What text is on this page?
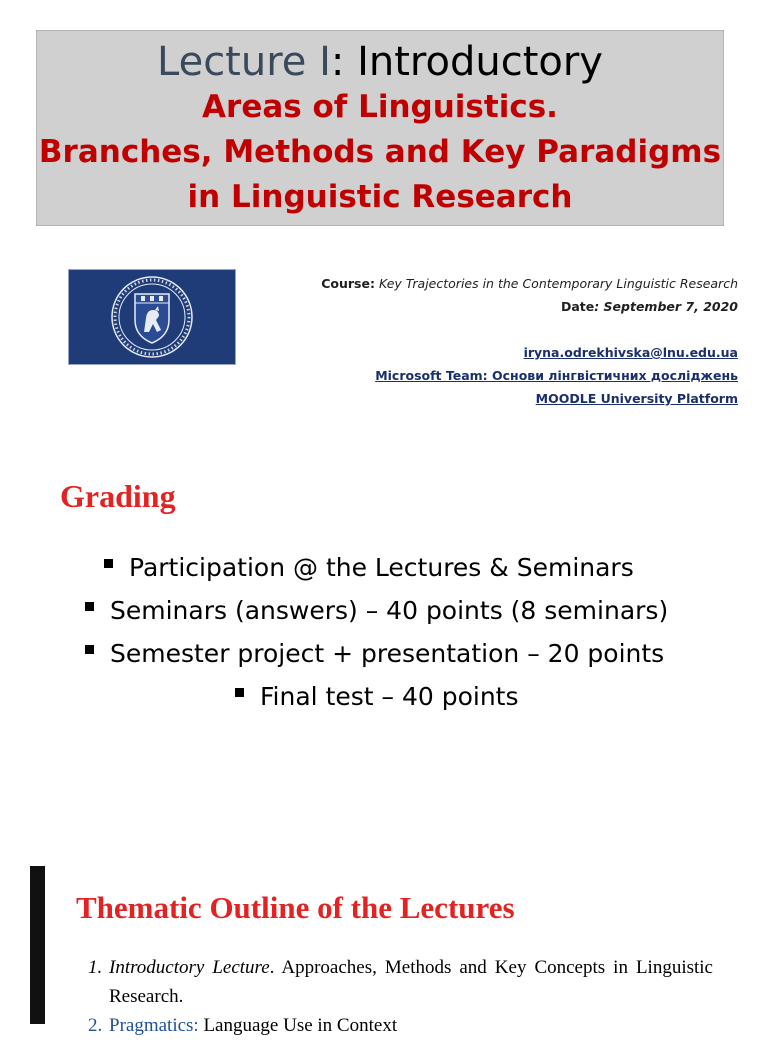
Lecture I: Introductory
Areas of Linguistics.
Branches, Methods and Key Paradigms
in Linguistic Research
Course: Key Trajectories in the Contemporary Linguistic Research
Date: September 7, 2020
iryna.odrekhivska@lnu.edu.ua
Microsoft Team: Основи лінгвістичних досліджень
MOODLE University Platform
Grading
Participation @ the Lectures & Seminars
Seminars (answers) – 40 points (8 seminars)
Semester project + presentation – 20 points
Final test – 40 points
Thematic Outline of the Lectures
1. Introductory Lecture. Approaches, Methods and Key Concepts in Linguistic Research.
2. Pragmatics: Language Use in Context
